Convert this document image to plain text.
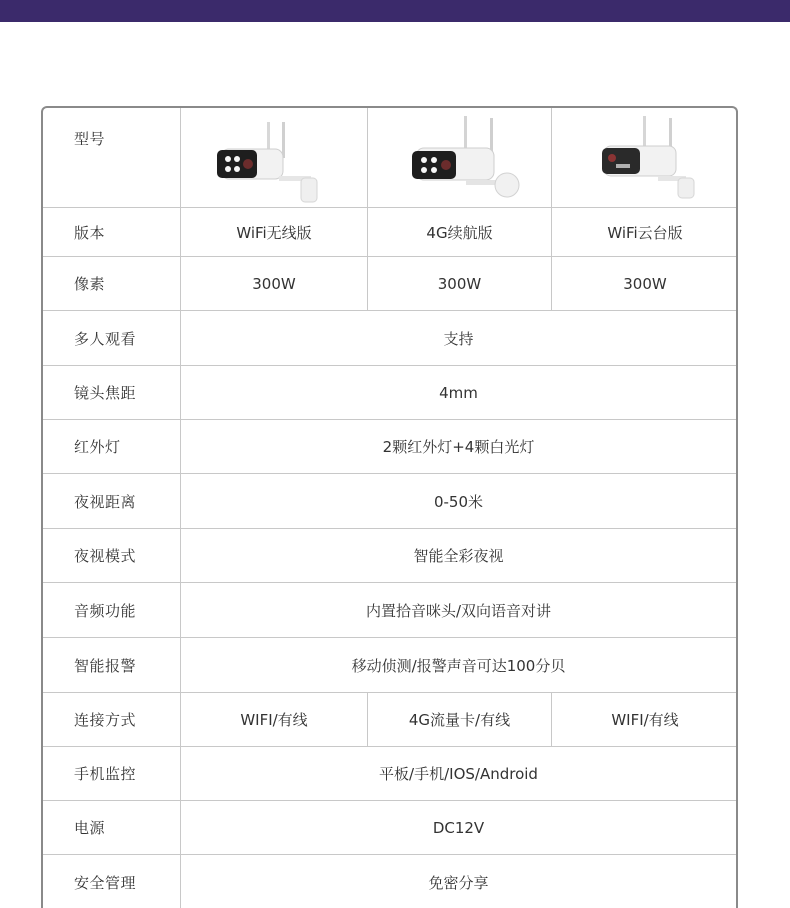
型号
版本	WiFi无线版	4G续航版	WiFi云台版
像素	300W	300W	300W
多人观看	支持
镜头焦距	4mm
红外灯	2颗红外灯+4颗白光灯
夜视距离	0-50米
夜视模式	智能全彩夜视
音频功能	内置拾音咪头/双向语音对讲
智能报警	移动侦测/报警声音可达100分贝
连接方式	WIFI/有线	4G流量卡/有线	WIFI/有线
手机监控	平板/手机/IOS/Android
电源	DC12V
安全管理	免密分享
